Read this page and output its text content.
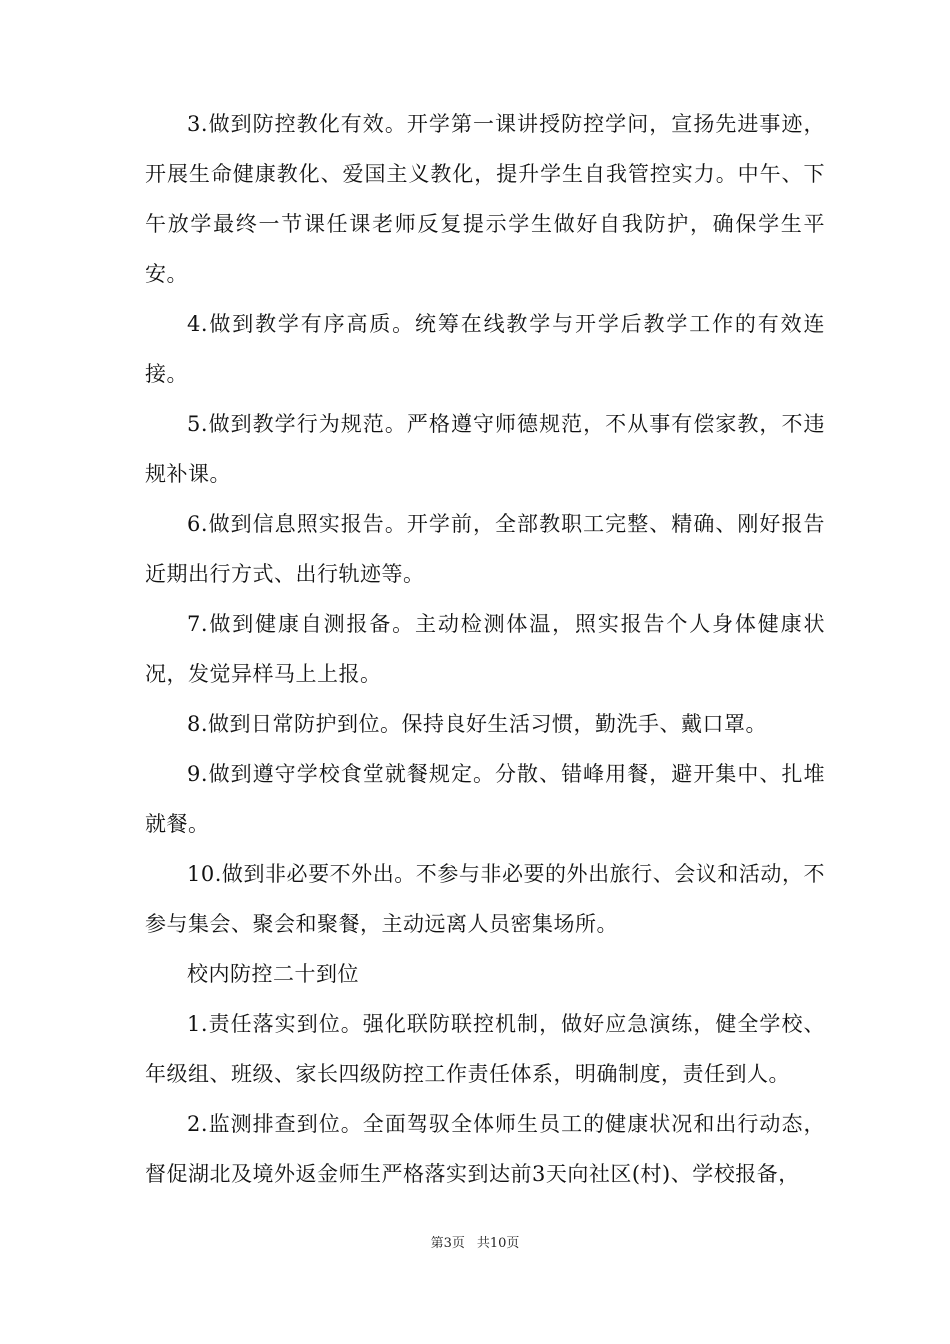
3.做到防控教化有效。开学第一课讲授防控学问，宣扬先进事迹，开展生命健康教化、爱国主义教化，提升学生自我管控实力。中午、下午放学最终一节课任课老师反复提示学生做好自我防护，确保学生平安。

4.做到教学有序高质。统筹在线教学与开学后教学工作的有效连接。

5.做到教学行为规范。严格遵守师德规范，不从事有偿家教，不违规补课。

6.做到信息照实报告。开学前，全部教职工完整、精确、刚好报告近期出行方式、出行轨迹等。

7.做到健康自测报备。主动检测体温，照实报告个人身体健康状况，发觉异样马上上报。

8.做到日常防护到位。保持良好生活习惯，勤洗手、戴口罩。

9.做到遵守学校食堂就餐规定。分散、错峰用餐，避开集中、扎堆就餐。

10.做到非必要不外出。不参与非必要的外出旅行、会议和活动，不参与集会、聚会和聚餐，主动远离人员密集场所。

校内防控二十到位

1.责任落实到位。强化联防联控机制，做好应急演练，健全学校、年级组、班级、家长四级防控工作责任体系，明确制度，责任到人。

2.监测排查到位。全面驾驭全体师生员工的健康状况和出行动态，督促湖北及境外返金师生严格落实到达前3天向社区(村)、学校报备，

第3页 共10页
